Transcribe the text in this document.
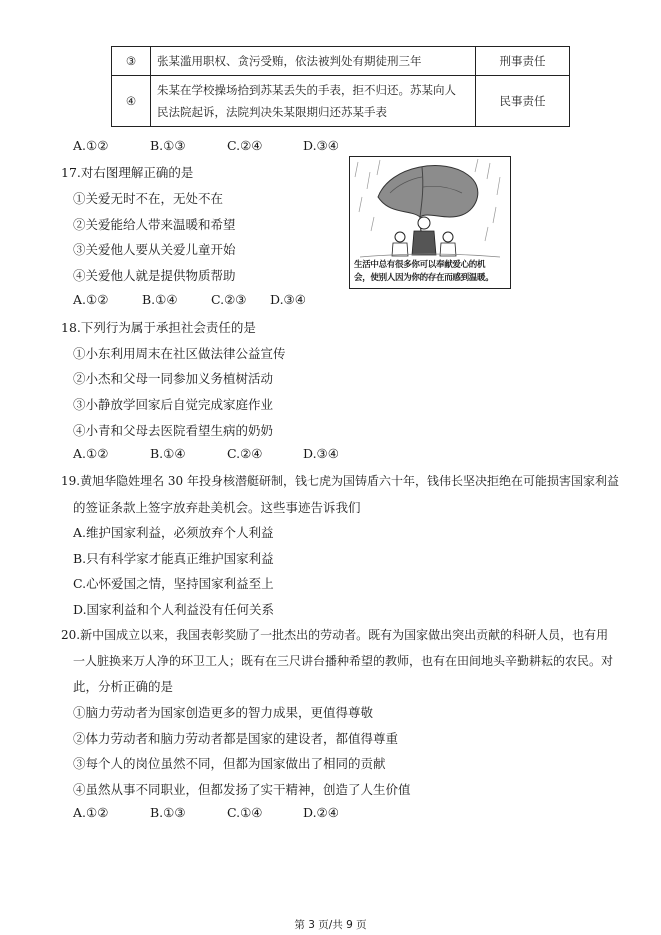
③	张某滥用职权、贪污受贿，依法被判处有期徒刑三年	刑事责任
④	朱某在学校操场拾到苏某丢失的手表，拒不归还。苏某向人
民法院起诉，法院判决朱某限期归还苏某手表	民事责任
A.①②	B.①③	C.②④	D.③④
17.对右图理解正确的是
①关爱无时不在，无处不在
②关爱能给人带来温暖和希望
③关爱他人要从关爱儿童开始
④关爱他人就是提供物质帮助
A.①②	B.①④	C.②③ D.③④
生活中总有很多你可以奉献爱心的机
会，使别人因为你的存在而感到温暖。
18.下列行为属于承担社会责任的是
①小东利用周末在社区做法律公益宣传
②小杰和父母一同参加义务植树活动
③小静放学回家后自觉完成家庭作业
④小青和父母去医院看望生病的奶奶
A.①②	B.①④	C.②④	D.③④
19.黄旭华隐姓埋名 30 年投身核潜艇研制，钱七虎为国铸盾六十年，钱伟长坚决拒绝在可能损害国家利益
的签证条款上签字放弃赴美机会。这些事迹告诉我们
A.维护国家利益，必须放弃个人利益
B.只有科学家才能真正维护国家利益
C.心怀爱国之情，坚持国家利益至上
D.国家利益和个人利益没有任何关系
20.新中国成立以来，我国表彰奖励了一批杰出的劳动者。既有为国家做出突出贡献的科研人员，也有用
一人脏换来万人净的环卫工人；既有在三尺讲台播种希望的教师，也有在田间地头辛勤耕耘的农民。对
此，分析正确的是
①脑力劳动者为国家创造更多的智力成果，更值得尊敬
②体力劳动者和脑力劳动者都是国家的建设者，都值得尊重
③每个人的岗位虽然不同，但都为国家做出了相同的贡献
④虽然从事不同职业，但都发扬了实干精神，创造了人生价值
A.①②	B.①③	C.①④	D.②④
第 3 页/共 9 页
